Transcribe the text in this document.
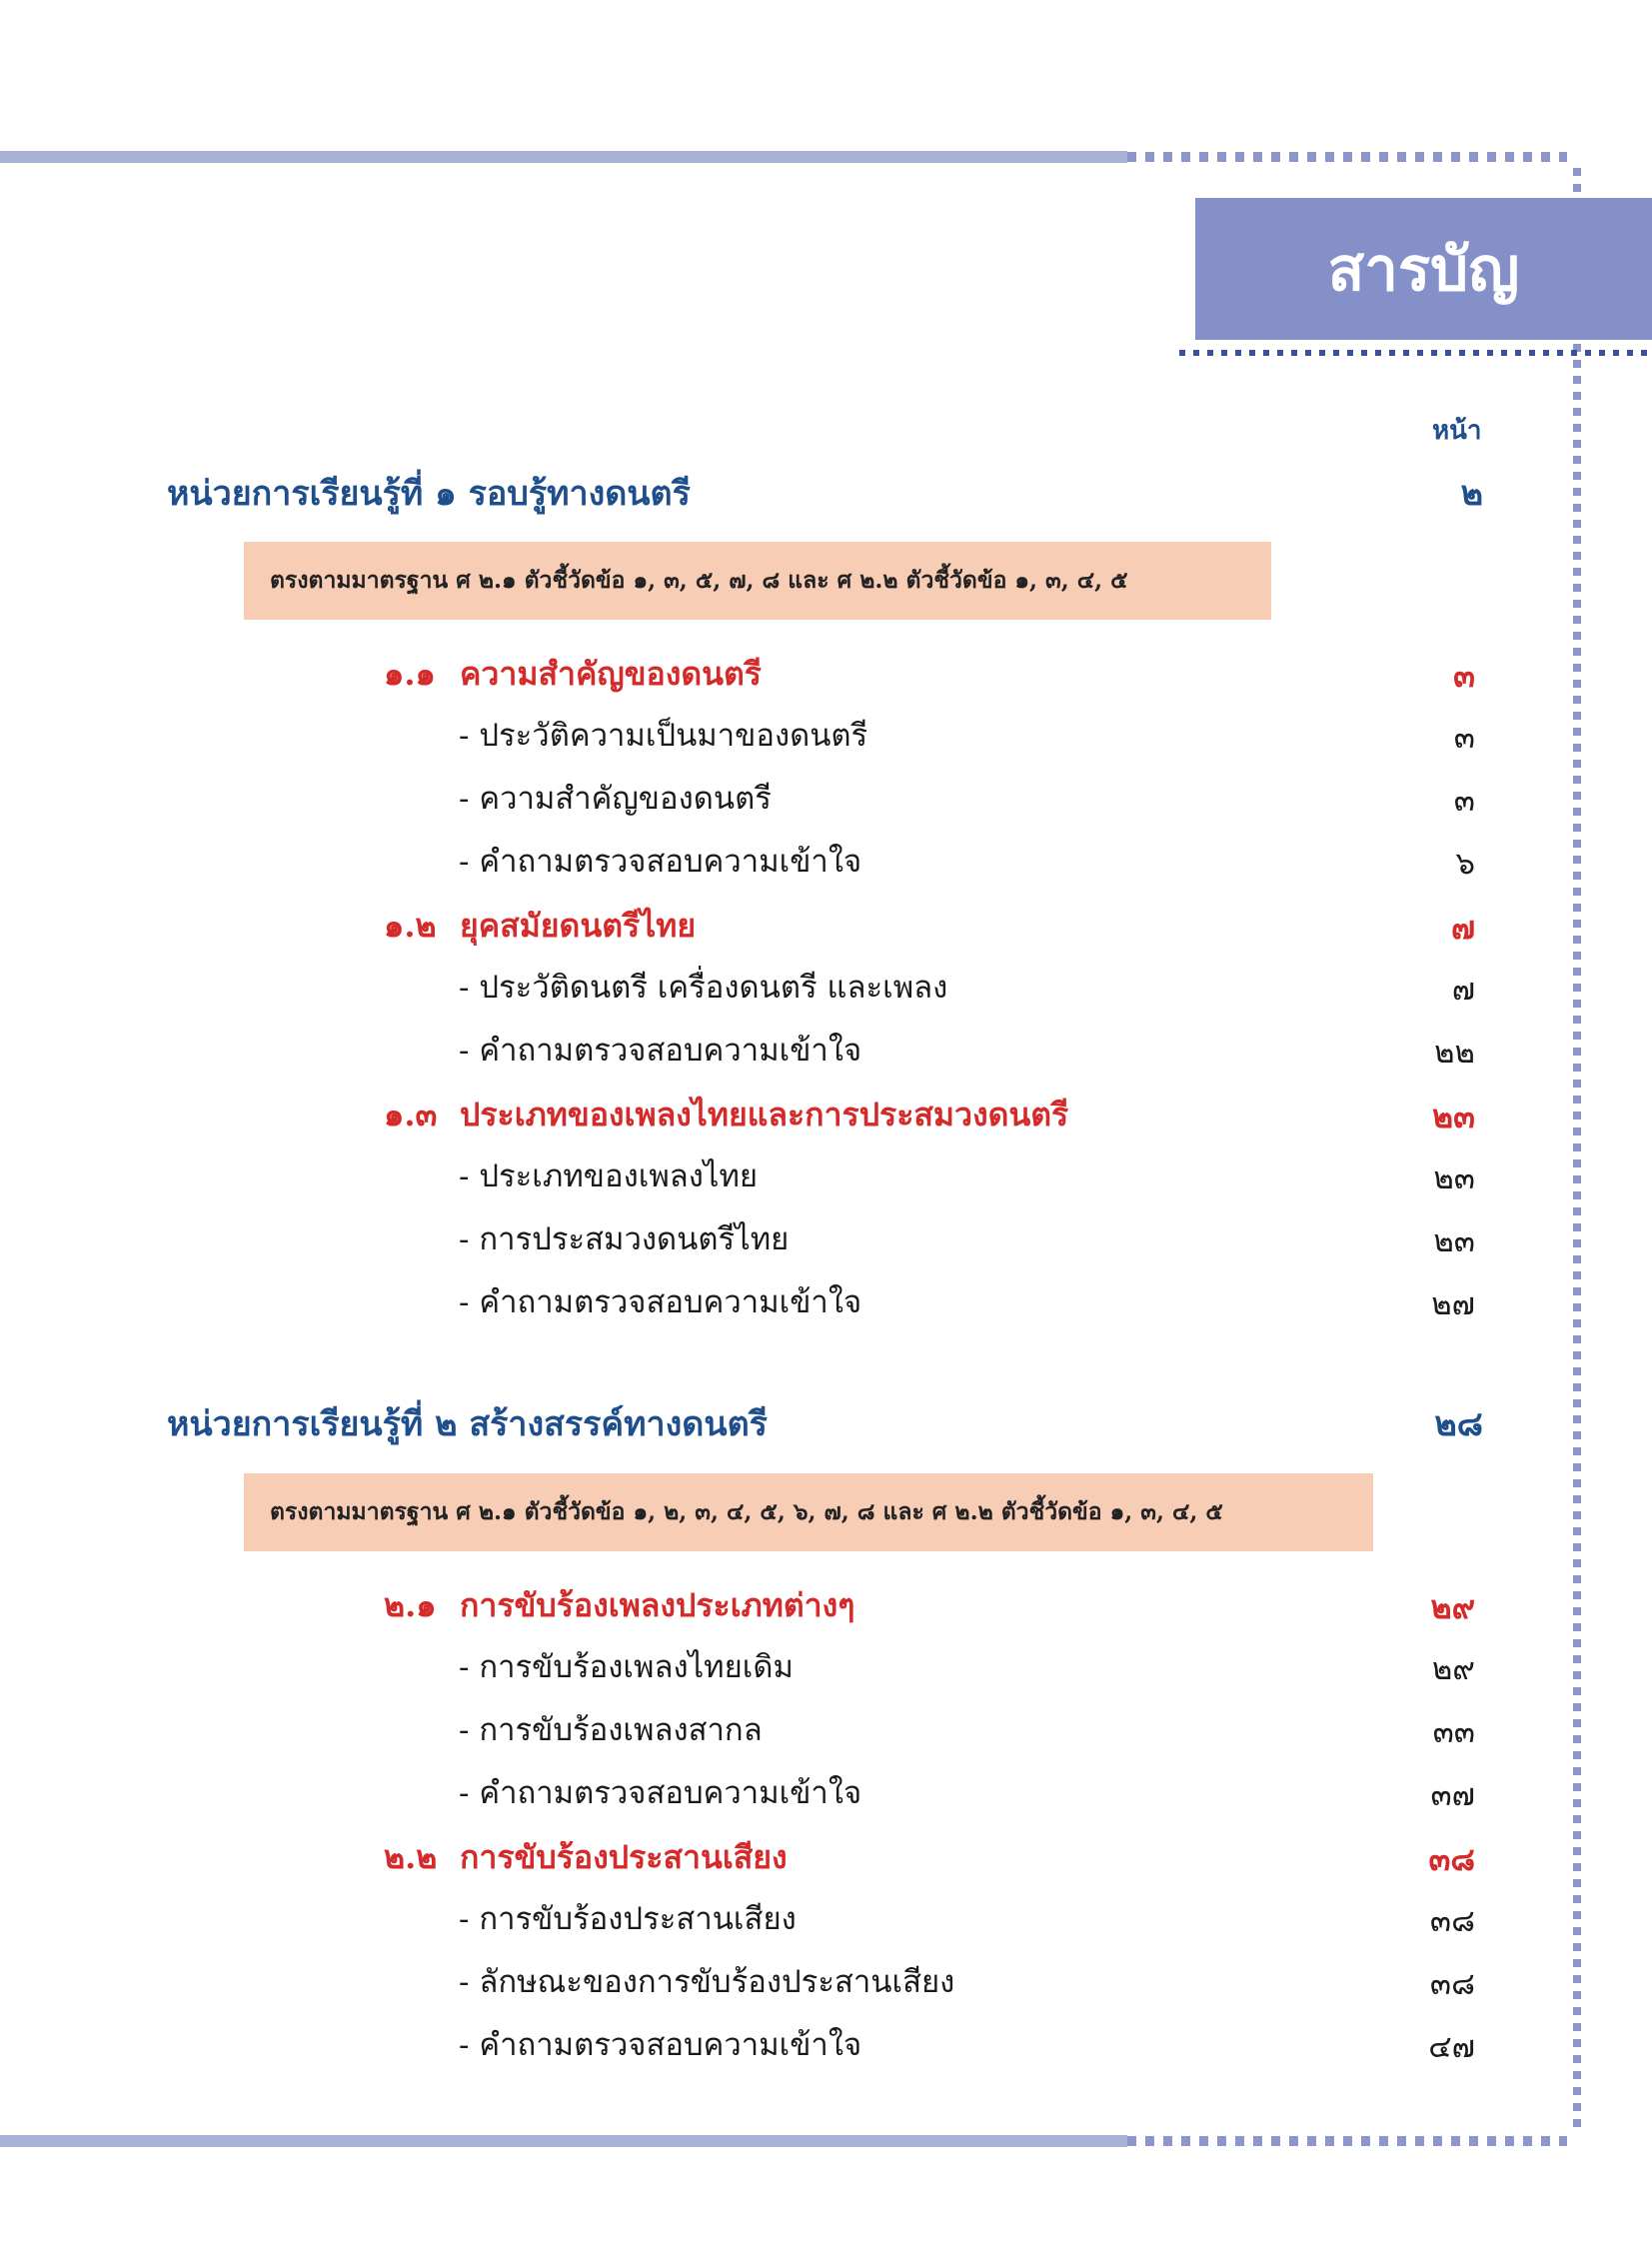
สารบัญ
หน้า
หน่วยการเรียนรู้ที่ ๑ รอบรู้ทางดนตรี	๒
ตรงตามมาตรฐาน ศ ๒.๑ ตัวชี้วัดข้อ ๑, ๓, ๕, ๗, ๘ และ ศ ๒.๒ ตัวชี้วัดข้อ ๑, ๓, ๔, ๕
๑.๑ ความสำคัญของดนตรี	๓
- ประวัติความเป็นมาของดนตรี	๓
- ความสำคัญของดนตรี	๓
- คำถามตรวจสอบความเข้าใจ	๖
๑.๒ ยุคสมัยดนตรีไทย	๗
- ประวัติดนตรี เครื่องดนตรี และเพลง	๗
- คำถามตรวจสอบความเข้าใจ	๒๒
๑.๓ ประเภทของเพลงไทยและการประสมวงดนตรี	๒๓
- ประเภทของเพลงไทย	๒๓
- การประสมวงดนตรีไทย	๒๓
- คำถามตรวจสอบความเข้าใจ	๒๗
หน่วยการเรียนรู้ที่ ๒ สร้างสรรค์ทางดนตรี	๒๘
ตรงตามมาตรฐาน ศ ๒.๑ ตัวชี้วัดข้อ ๑, ๒, ๓, ๔, ๕, ๖, ๗, ๘ และ ศ ๒.๒ ตัวชี้วัดข้อ ๑, ๓, ๔, ๕
๒.๑ การขับร้องเพลงประเภทต่างๆ	๒๙
- การขับร้องเพลงไทยเดิม	๒๙
- การขับร้องเพลงสากล	๓๓
- คำถามตรวจสอบความเข้าใจ	๓๗
๒.๒ การขับร้องประสานเสียง	๓๘
- การขับร้องประสานเสียง	๓๘
- ลักษณะของการขับร้องประสานเสียง	๓๘
- คำถามตรวจสอบความเข้าใจ	๔๗
